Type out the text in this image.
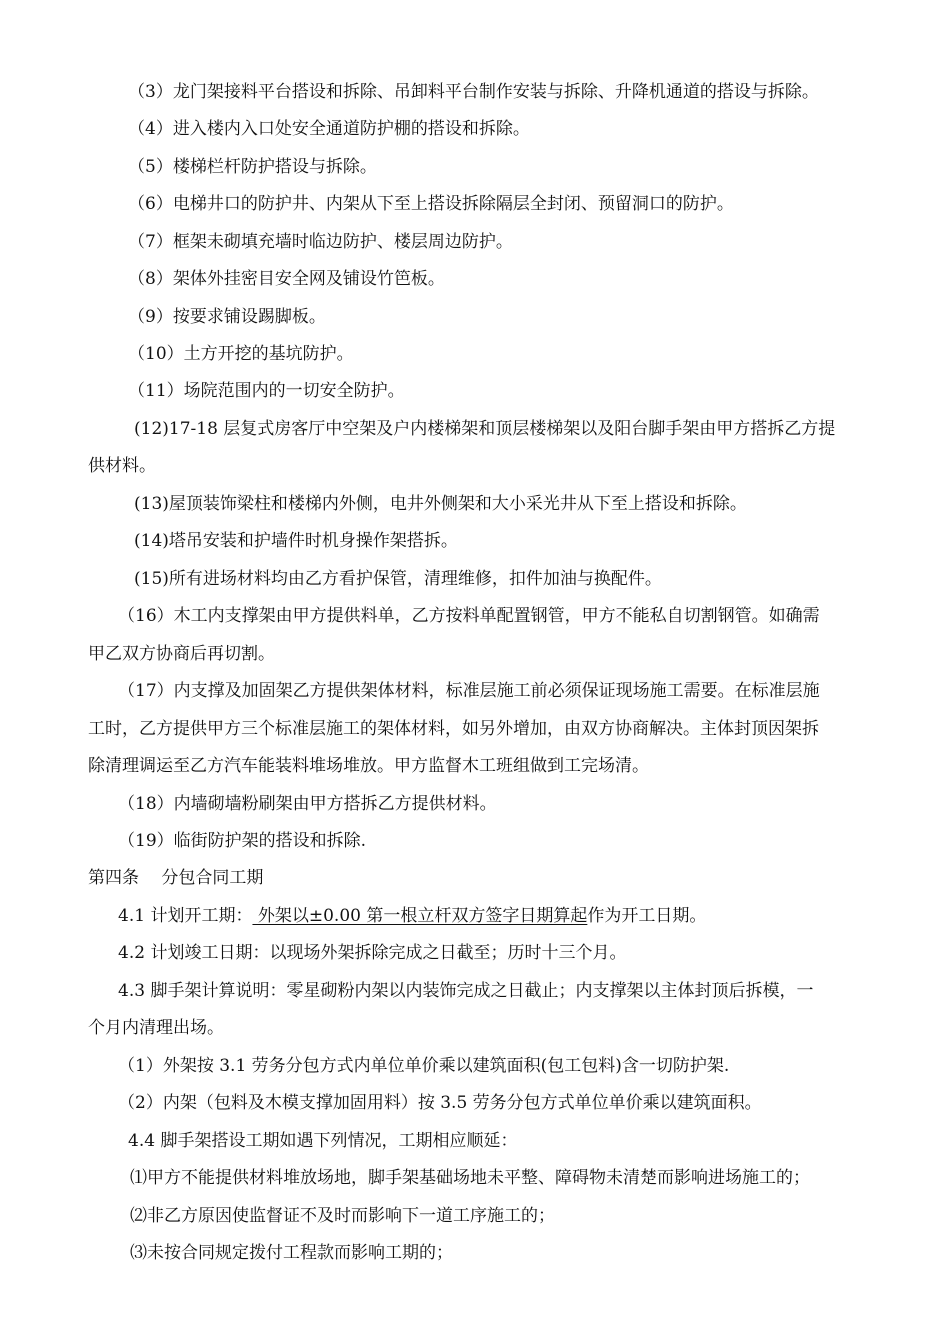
（3）龙门架接料平台搭设和拆除、吊卸料平台制作安装与拆除、升降机通道的搭设与拆除。
（4）进入楼内入口处安全通道防护棚的搭设和拆除。
（5）楼梯栏杆防护搭设与拆除。
（6）电梯井口的防护井、内架从下至上搭设拆除隔层全封闭、预留洞口的防护。
（7）框架未砌填充墙时临边防护、楼层周边防护。
（8）架体外挂密目安全网及铺设竹笆板。
（9）按要求铺设踢脚板。
（10）土方开挖的基坑防护。
（11）场院范围内的一切安全防护。
(12)17-18 层复式房客厅中空架及户内楼梯架和顶层楼梯架以及阳台脚手架由甲方搭拆乙方提
供材料。
(13)屋顶装饰梁柱和楼梯内外侧，电井外侧架和大小采光井从下至上搭设和拆除。
(14)塔吊安装和护墙件时机身操作架搭拆。
(15)所有进场材料均由乙方看护保管，清理维修，扣件加油与换配件。
（16）木工内支撑架由甲方提供料单，乙方按料单配置钢管，甲方不能私自切割钢管。如确需
甲乙双方协商后再切割。
（17）内支撑及加固架乙方提供架体材料，标准层施工前必须保证现场施工需要。在标准层施
工时，乙方提供甲方三个标准层施工的架体材料，如另外增加，由双方协商解决。主体封顶因架拆
除清理调运至乙方汽车能装料堆场堆放。甲方监督木工班组做到工完场清。
（18）内墙砌墙粉刷架由甲方搭拆乙方提供材料。
（19）临街防护架的搭设和拆除.
第四条　 分包合同工期
4.1 计划开工期： 外架以±0.00 第一根立杆双方签字日期算起作为开工日期。
4.2 计划竣工日期：以现场外架拆除完成之日截至；历时十三个月。
4.3 脚手架计算说明：零星砌粉内架以内装饰完成之日截止；内支撑架以主体封顶后拆模，一
个月内清理出场。
（1）外架按 3.1 劳务分包方式内单位单价乘以建筑面积(包工包料)含一切防护架.
（2）内架（包料及木模支撑加固用料）按 3.5 劳务分包方式单位单价乘以建筑面积。
4.4 脚手架搭设工期如遇下列情况，工期相应顺延：
⑴甲方不能提供材料堆放场地，脚手架基础场地未平整、障碍物未清楚而影响进场施工的；
⑵非乙方原因使监督证不及时而影响下一道工序施工的；
⑶未按合同规定拨付工程款而影响工期的；
